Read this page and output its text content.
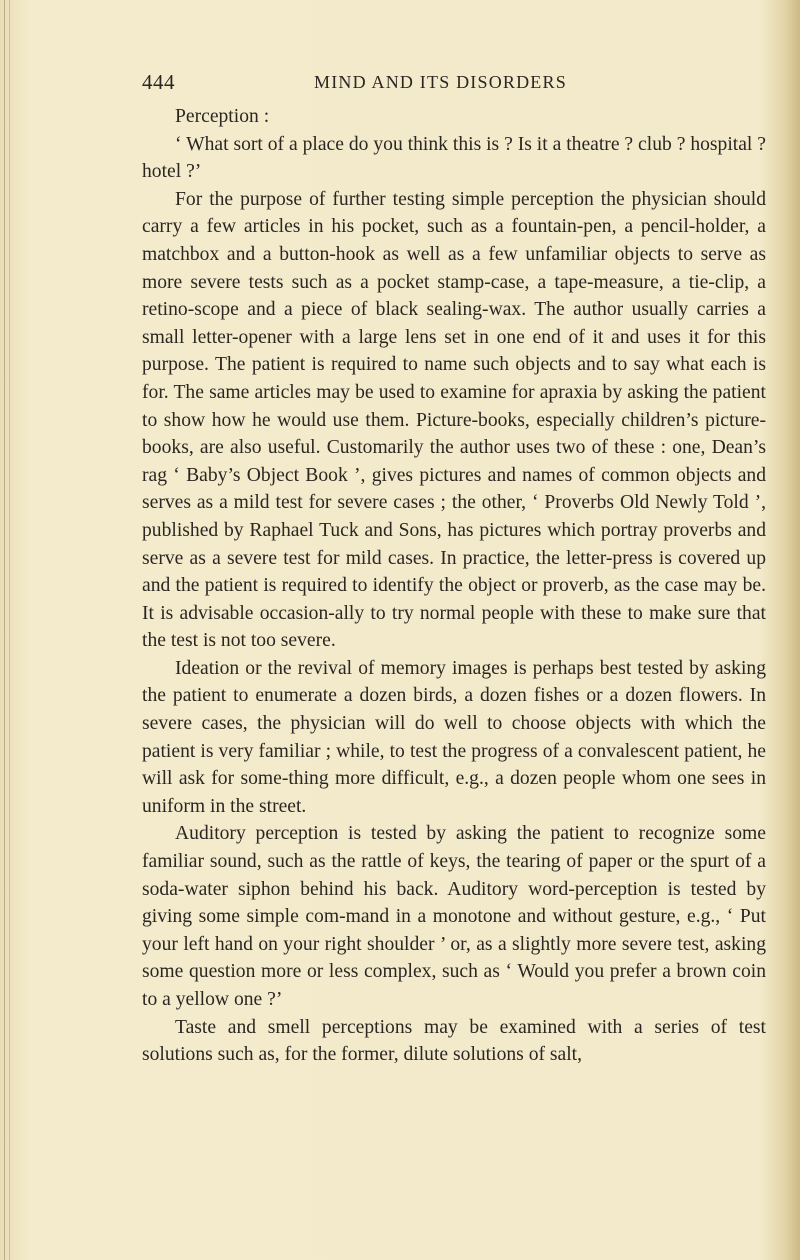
444	MIND AND ITS DISORDERS

Perception :

‘ What sort of a place do you think this is ? Is it a theatre ? club ? hospital ? hotel ?’

For the purpose of further testing simple perception the physician should carry a few articles in his pocket, such as a fountain-pen, a pencil-holder, a matchbox and a button-hook as well as a few unfamiliar objects to serve as more severe tests such as a pocket stamp-case, a tape-measure, a tie-clip, a retino-scope and a piece of black sealing-wax. The author usually carries a small letter-opener with a large lens set in one end of it and uses it for this purpose. The patient is required to name such objects and to say what each is for. The same articles may be used to examine for apraxia by asking the patient to show how he would use them. Picture-books, especially children’s picture-books, are also useful. Customarily the author uses two of these : one, Dean’s rag ‘ Baby’s Object Book ’, gives pictures and names of common objects and serves as a mild test for severe cases ; the other, ‘ Proverbs Old Newly Told ’, published by Raphael Tuck and Sons, has pictures which portray proverbs and serve as a severe test for mild cases. In practice, the letter-press is covered up and the patient is required to identify the object or proverb, as the case may be. It is advisable occasion-ally to try normal people with these to make sure that the test is not too severe.

Ideation or the revival of memory images is perhaps best tested by asking the patient to enumerate a dozen birds, a dozen fishes or a dozen flowers. In severe cases, the physician will do well to choose objects with which the patient is very familiar ; while, to test the progress of a convalescent patient, he will ask for some-thing more difficult, e.g., a dozen people whom one sees in uniform in the street.

Auditory perception is tested by asking the patient to recognize some familiar sound, such as the rattle of keys, the tearing of paper or the spurt of a soda-water siphon behind his back. Auditory word-perception is tested by giving some simple com-mand in a monotone and without gesture, e.g., ‘ Put your left hand on your right shoulder ’ or, as a slightly more severe test, asking some question more or less complex, such as ‘ Would you prefer a brown coin to a yellow one ?’

Taste and smell perceptions may be examined with a series of test solutions such as, for the former, dilute solutions of salt,
